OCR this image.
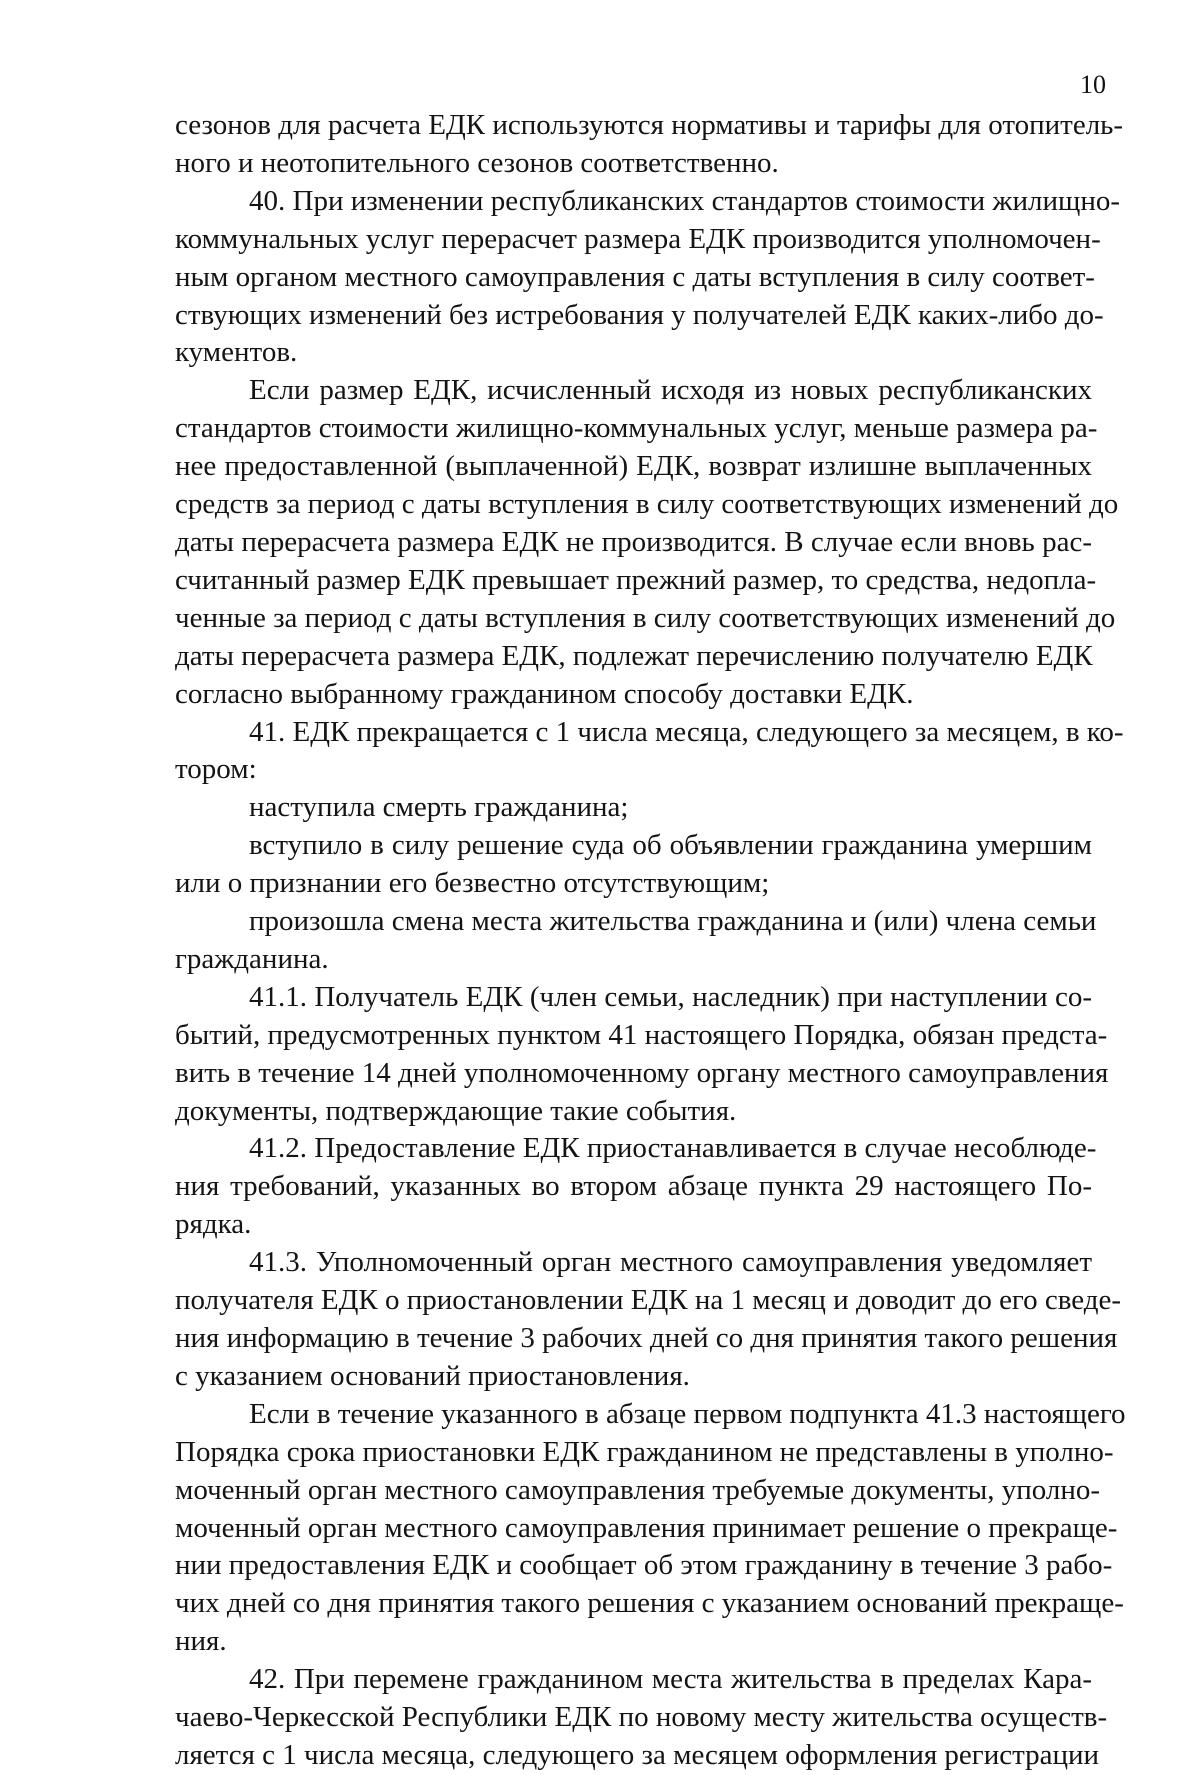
10
сезонов для расчета ЕДК используются нормативы и тарифы для отопитель-
ного и неотопительного сезонов соответственно.
40. При изменении республиканских стандартов стоимости жилищно-
коммунальных услуг перерасчет размера ЕДК производится уполномочен-
ным органом местного самоуправления с даты вступления в силу соответ-
ствующих изменений без истребования у получателей ЕДК каких-либо до-
кументов.
Если размер ЕДК, исчисленный исходя из новых республиканских
стандартов стоимости жилищно-коммунальных услуг, меньше размера ра-
нее предоставленной (выплаченной) ЕДК, возврат излишне выплаченных
средств за период с даты вступления в силу соответствующих изменений до
даты перерасчета размера ЕДК не производится. В случае если вновь рас-
считанный размер ЕДК превышает прежний размер, то средства, недопла-
ченные за период с даты вступления в силу соответствующих изменений до
даты перерасчета размера ЕДК, подлежат перечислению получателю ЕДК
согласно выбранному гражданином способу доставки ЕДК.
41. ЕДК прекращается с 1 числа месяца, следующего за месяцем, в ко-
тором:
наступила смерть гражданина;
вступило в силу решение суда об объявлении гражданина умершим
или о признании его безвестно отсутствующим;
произошла смена места жительства гражданина и (или) члена семьи
гражданина.
41.1. Получатель ЕДК (член семьи, наследник) при наступлении со-
бытий, предусмотренных пунктом 41 настоящего Порядка, обязан предста-
вить в течение 14 дней уполномоченному органу местного самоуправления
документы, подтверждающие такие события.
41.2. Предоставление ЕДК приостанавливается в случае несоблюде-
ния требований, указанных во втором абзаце пункта 29 настоящего По-
рядка.
41.3. Уполномоченный орган местного самоуправления уведомляет
получателя ЕДК о приостановлении ЕДК на 1 месяц и доводит до его сведе-
ния информацию в течение 3 рабочих дней со дня принятия такого решения
с указанием оснований приостановления.
Если в течение указанного в абзаце первом подпункта 41.3 настоящего
Порядка срока приостановки ЕДК гражданином не представлены в уполно-
моченный орган местного самоуправления требуемые документы, уполно-
моченный орган местного самоуправления принимает решение о прекраще-
нии предоставления ЕДК и сообщает об этом гражданину в течение 3 рабо-
чих дней со дня принятия такого решения с указанием оснований прекраще-
ния.
42. При перемене гражданином места жительства в пределах Кара-
чаево-Черкесской Республики ЕДК по новому месту жительства осуществ-
ляется с 1 числа месяца, следующего за месяцем оформления регистрации
